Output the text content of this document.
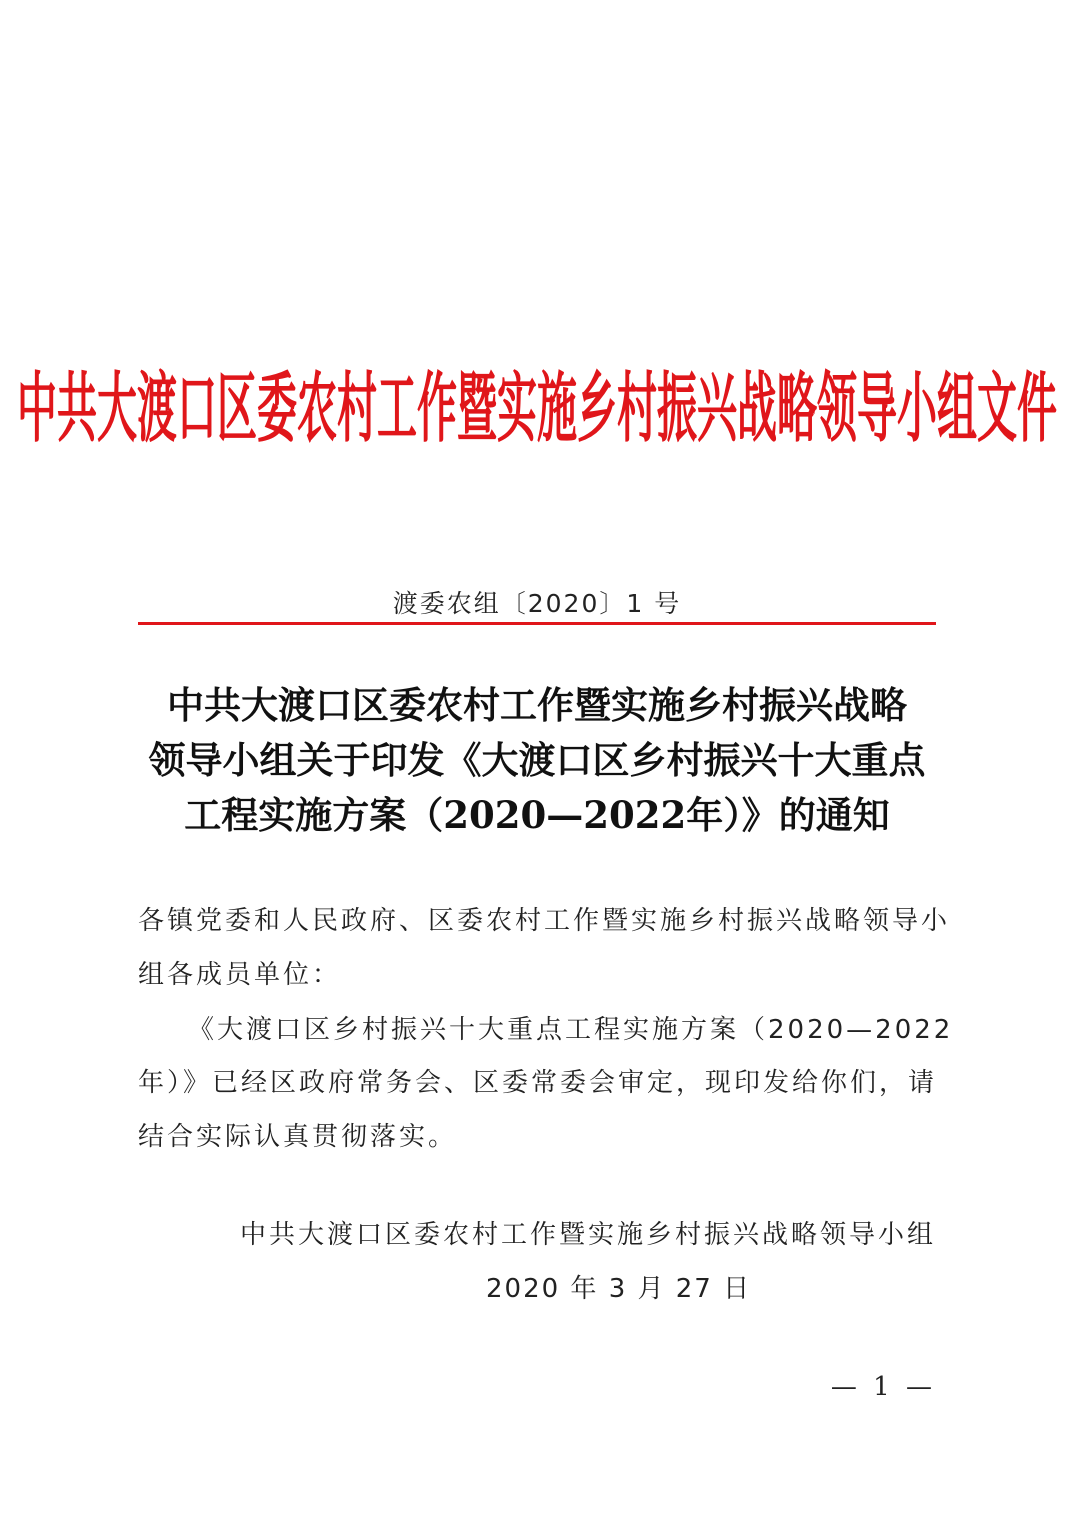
中共大渡口区委农村工作暨实施乡村振兴战略领导小组文件
渡委农组〔2020〕1 号
中共大渡口区委农村工作暨实施乡村振兴战略
领导小组关于印发《大渡口区乡村振兴十大重点
工程实施方案（2020—2022年）》的通知
各镇党委和人民政府、区委农村工作暨实施乡村振兴战略领导小
组各成员单位：
《大渡口区乡村振兴十大重点工程实施方案（2020—2022
年）》已经区政府常务会、区委常委会审定，现印发给你们，请
结合实际认真贯彻落实。
中共大渡口区委农村工作暨实施乡村振兴战略领导小组
2020 年 3 月 27 日
— 1 —
